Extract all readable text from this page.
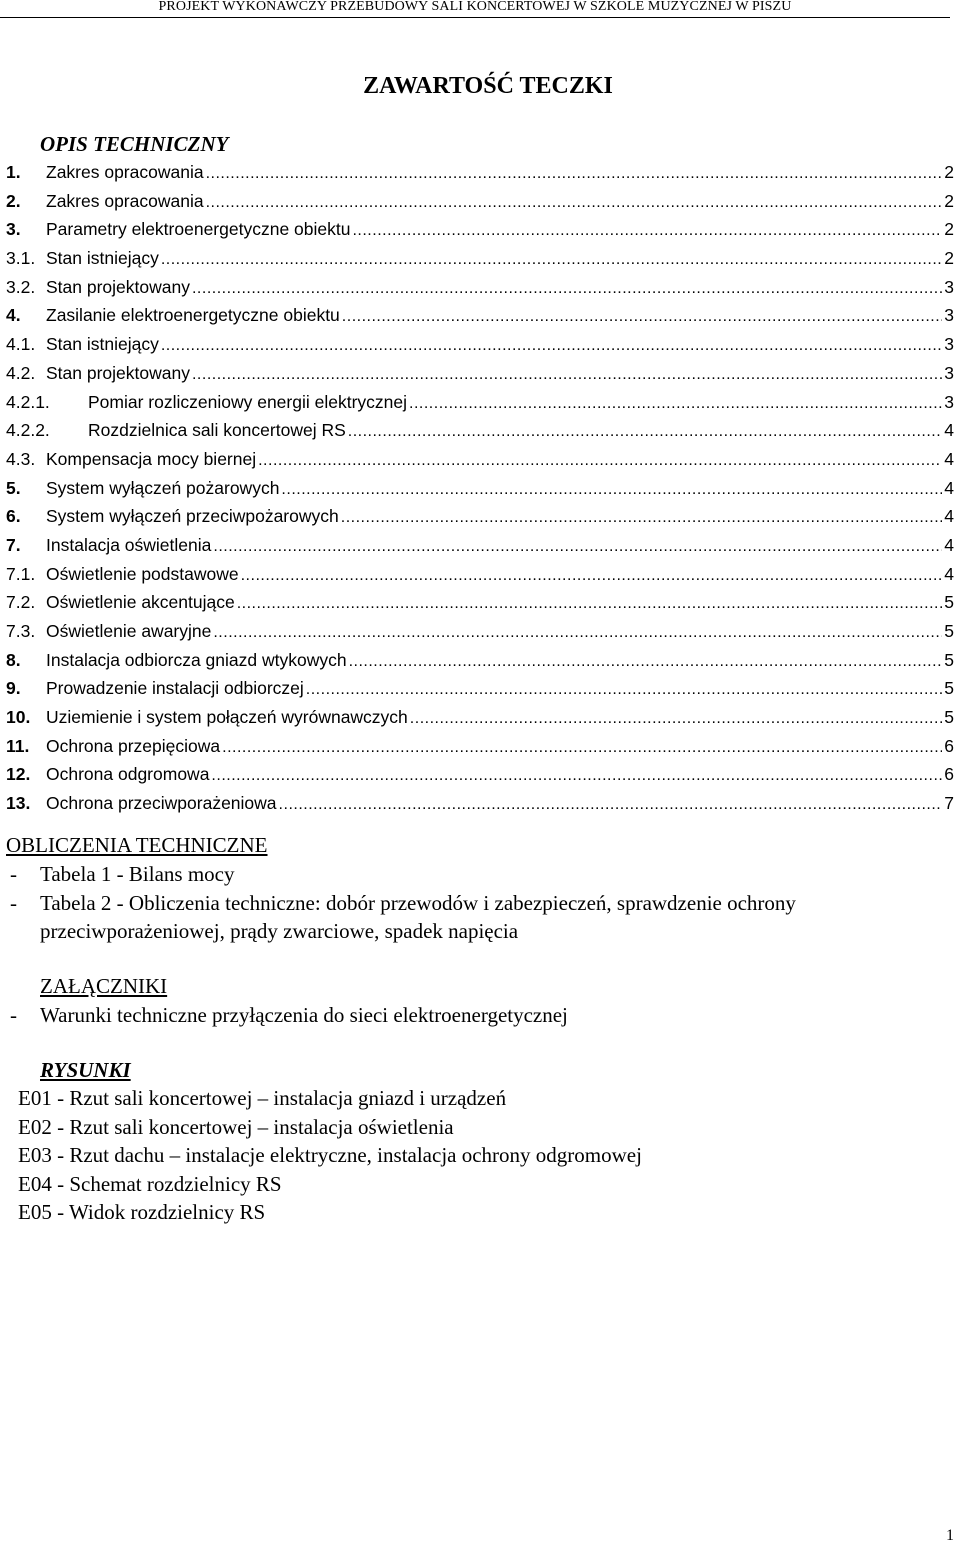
PROJEKT WYKONAWCZY PRZEBUDOWY SALI KONCERTOWEJ W SZKOLE MUZYCZNEJ W PISZU
ZAWARTOŚĆ TECZKI
OPIS TECHNICZNY
1.	Zakres opracowania .....	2
2.	Zakres opracowania .....	2
3.	Parametry elektroenergetyczne obiektu .....	2
3.1. Stan istniejący .....	2
3.2. Stan projektowany .....	3
4.	Zasilanie elektroenergetyczne obiektu .....	3
4.1. Stan istniejący .....	3
4.2. Stan projektowany .....	3
4.2.1.	Pomiar rozliczeniowy energii elektrycznej .....	3
4.2.2.	Rozdzielnica sali koncertowej RS .....	4
4.3. Kompensacja mocy biernej .....	4
5.	System wyłączeń pożarowych .....	4
6.	System wyłączeń przeciwpożarowych .....	4
7.	Instalacja oświetlenia .....	4
7.1. Oświetlenie podstawowe .....	4
7.2. Oświetlenie akcentujące .....	5
7.3. Oświetlenie awaryjne .....	5
8.	Instalacja odbiorcza gniazd wtykowych .....	5
9.	Prowadzenie instalacji odbiorczej .....	5
10. Uziemienie i system połączeń wyrównawczych .....	5
11. Ochrona przepięciowa .....	6
12. Ochrona odgromowa .....	6
13. Ochrona przeciwporażeniowa .....	7
OBLICZENIA TECHNICZNE
- Tabela 1 - Bilans mocy
- Tabela 2 - Obliczenia techniczne: dobór przewodów i zabezpieczeń, sprawdzenie ochrony przeciwporażeniowej, prądy zwarciowe, spadek napięcia
ZAŁĄCZNIKI
- Warunki techniczne przyłączenia do sieci elektroenergetycznej
RYSUNKI
E01 - Rzut sali koncertowej – instalacja gniazd i urządzeń
E02 - Rzut sali koncertowej – instalacja oświetlenia
E03 - Rzut dachu – instalacje elektryczne, instalacja ochrony odgromowej
E04 - Schemat rozdzielnicy RS
E05 - Widok rozdzielnicy RS
1
